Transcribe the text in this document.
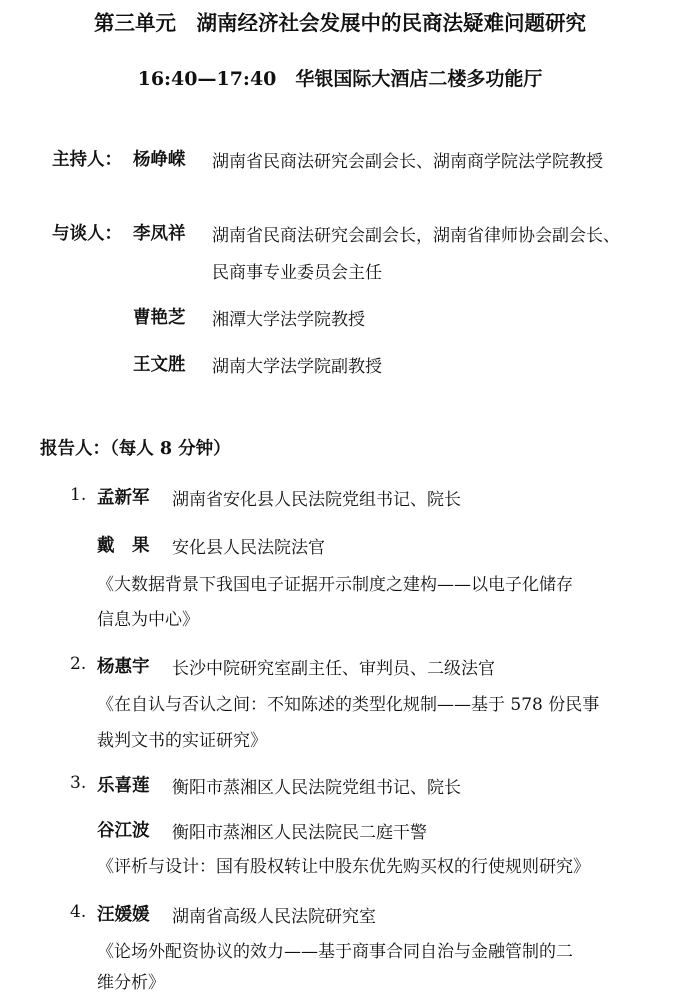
第三单元　湖南经济社会发展中的民商法疑难问题研究
16:40—17:40　华银国际大酒店二楼多功能厅
主持人： 杨峥嵘 湖南省民商法研究会副会长、湖南商学院法学院教授
与谈人： 李凤祥 湖南省民商法研究会副会长，湖南省律师协会副会长、
民商事专业委员会主任
曹艳芝 湘潭大学法学院教授
王文胜 湖南大学法学院副教授
报告人：（每人 8 分钟）
1. 孟新军 湖南省安化县人民法院党组书记、院长
戴　果 安化县人民法院法官
《大数据背景下我国电子证据开示制度之建构——以电子化储存
信息为中心》
2. 杨惠宇 长沙中院研究室副主任、审判员、二级法官
《在自认与否认之间：不知陈述的类型化规制——基于 578 份民事
裁判文书的实证研究》
3. 乐喜莲 衡阳市蒸湘区人民法院党组书记、院长
谷江波 衡阳市蒸湘区人民法院民二庭干警
《评析与设计：国有股权转让中股东优先购买权的行使规则研究》
4. 汪媛媛 湖南省高级人民法院研究室
《论场外配资协议的效力——基于商事合同自治与金融管制的二
维分析》
